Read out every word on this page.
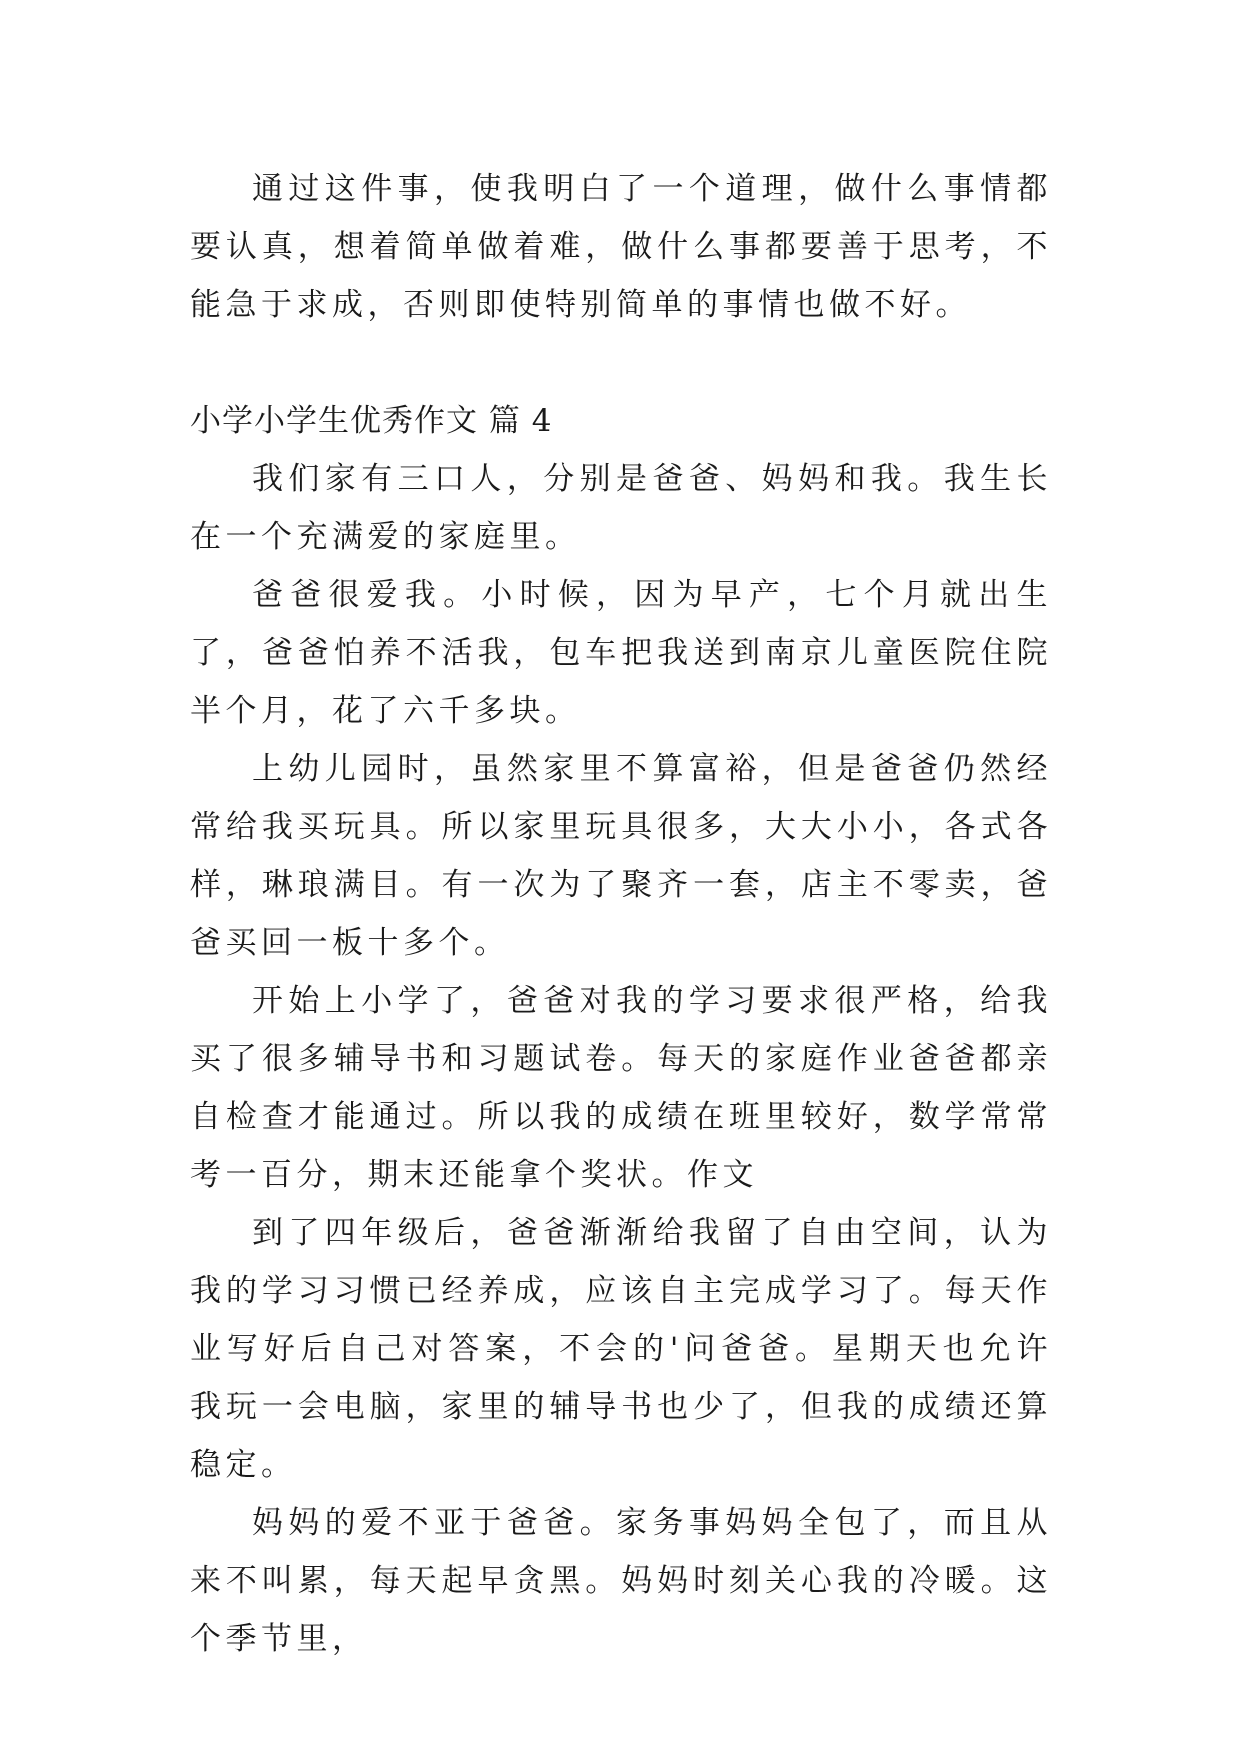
通过这件事，使我明白了一个道理，做什么事情都要认真，想着简单做着难，做什么事都要善于思考，不能急于求成，否则即使特别简单的事情也做不好。

小学小学生优秀作文 篇 4

我们家有三口人，分别是爸爸、妈妈和我。我生长在一个充满爱的家庭里。

爸爸很爱我。小时候，因为早产，七个月就出生了，爸爸怕养不活我，包车把我送到南京儿童医院住院半个月，花了六千多块。

上幼儿园时，虽然家里不算富裕，但是爸爸仍然经常给我买玩具。所以家里玩具很多，大大小小，各式各样，琳琅满目。有一次为了聚齐一套，店主不零卖，爸爸买回一板十多个。

开始上小学了，爸爸对我的学习要求很严格，给我买了很多辅导书和习题试卷。每天的家庭作业爸爸都亲自检查才能通过。所以我的成绩在班里较好，数学常常考一百分，期末还能拿个奖状。作文

到了四年级后，爸爸渐渐给我留了自由空间，认为我的学习习惯已经养成，应该自主完成学习了。每天作业写好后自己对答案，不会的'问爸爸。星期天也允许我玩一会电脑，家里的辅导书也少了，但我的成绩还算稳定。

妈妈的爱不亚于爸爸。家务事妈妈全包了，而且从来不叫累，每天起早贪黑。妈妈时刻关心我的冷暖。这个季节里，
